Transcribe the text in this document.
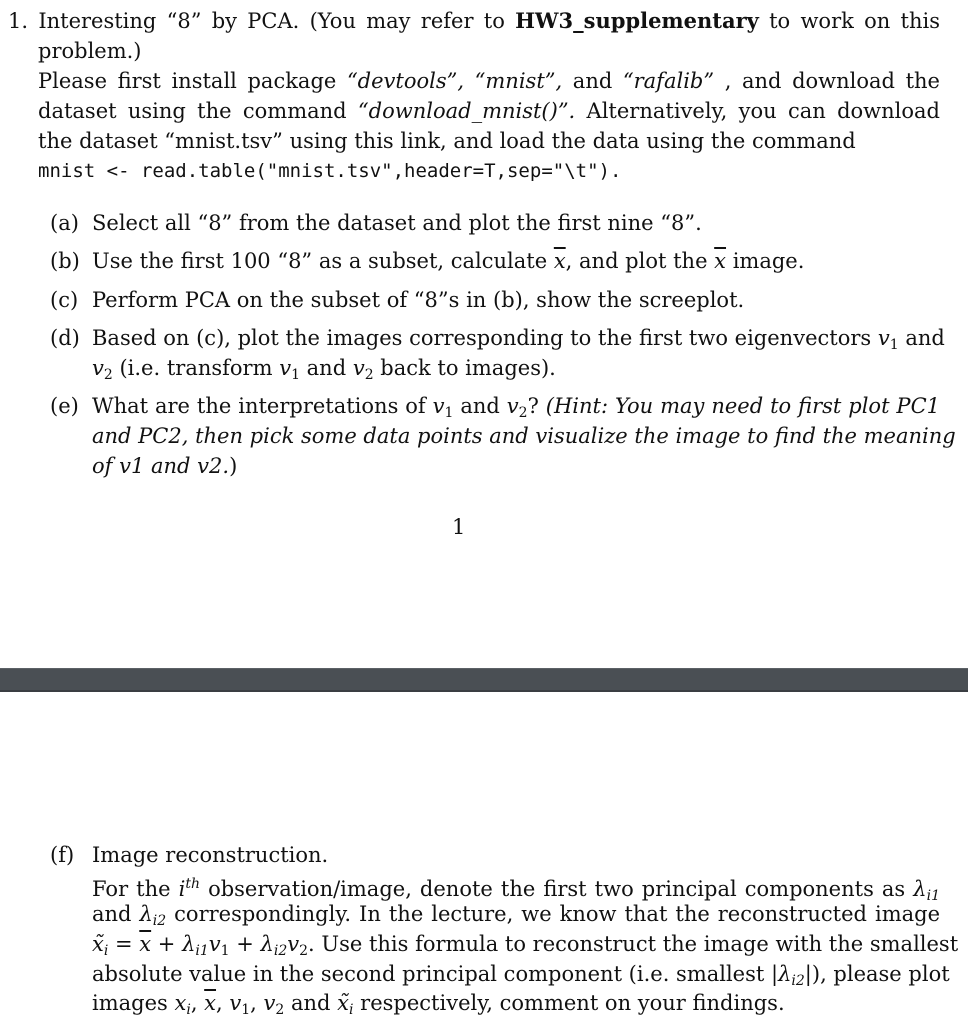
1. Interesting “8” by PCA. (You may refer to HW3_supplementary to work on this
problem.)
Please first install package “devtools”, “mnist”, and “rafalib” , and download the
dataset using the command “download_mnist()”. Alternatively, you can download
the dataset “mnist.tsv” using this link, and load the data using the command
mnist <- read.table("mnist.tsv",header=T,sep="\t").
(a) Select all “8” from the dataset and plot the first nine “8”.
(b) Use the first 100 “8” as a subset, calculate $\overline{x}$, and plot the $\overline{x}$ image.
(c) Perform PCA on the subset of “8”s in (b), show the screeplot.
(d) Based on (c), plot the images corresponding to the first two eigenvectors $v_1$ and
$v_2$ (i.e. transform $v_1$ and $v_2$ back to images).
(e) What are the interpretations of $v_1$ and $v_2$? (Hint: You may need to first plot PC1
and PC2, then pick some data points and visualize the image to find the meaning
of v1 and v2.)
1
(f) Image reconstruction.
For the $i^{th}$ observation/image, denote the first two principal components as $\lambda_{i1}$
and $\lambda_{i2}$ correspondingly. In the lecture, we know that the reconstructed image
$x̃_i = \overline{x} + \lambda_{i1}v_1 + \lambda_{i2}v_2$. Use this formula to reconstruct the image with the smallest
absolute value in the second principal component (i.e. smallest $|\lambda_{i2}|$), please plot
images $x_i$, $\overline{x}$, $v_1$, $v_2$ and $x̃_i$ respectively, comment on your findings.
